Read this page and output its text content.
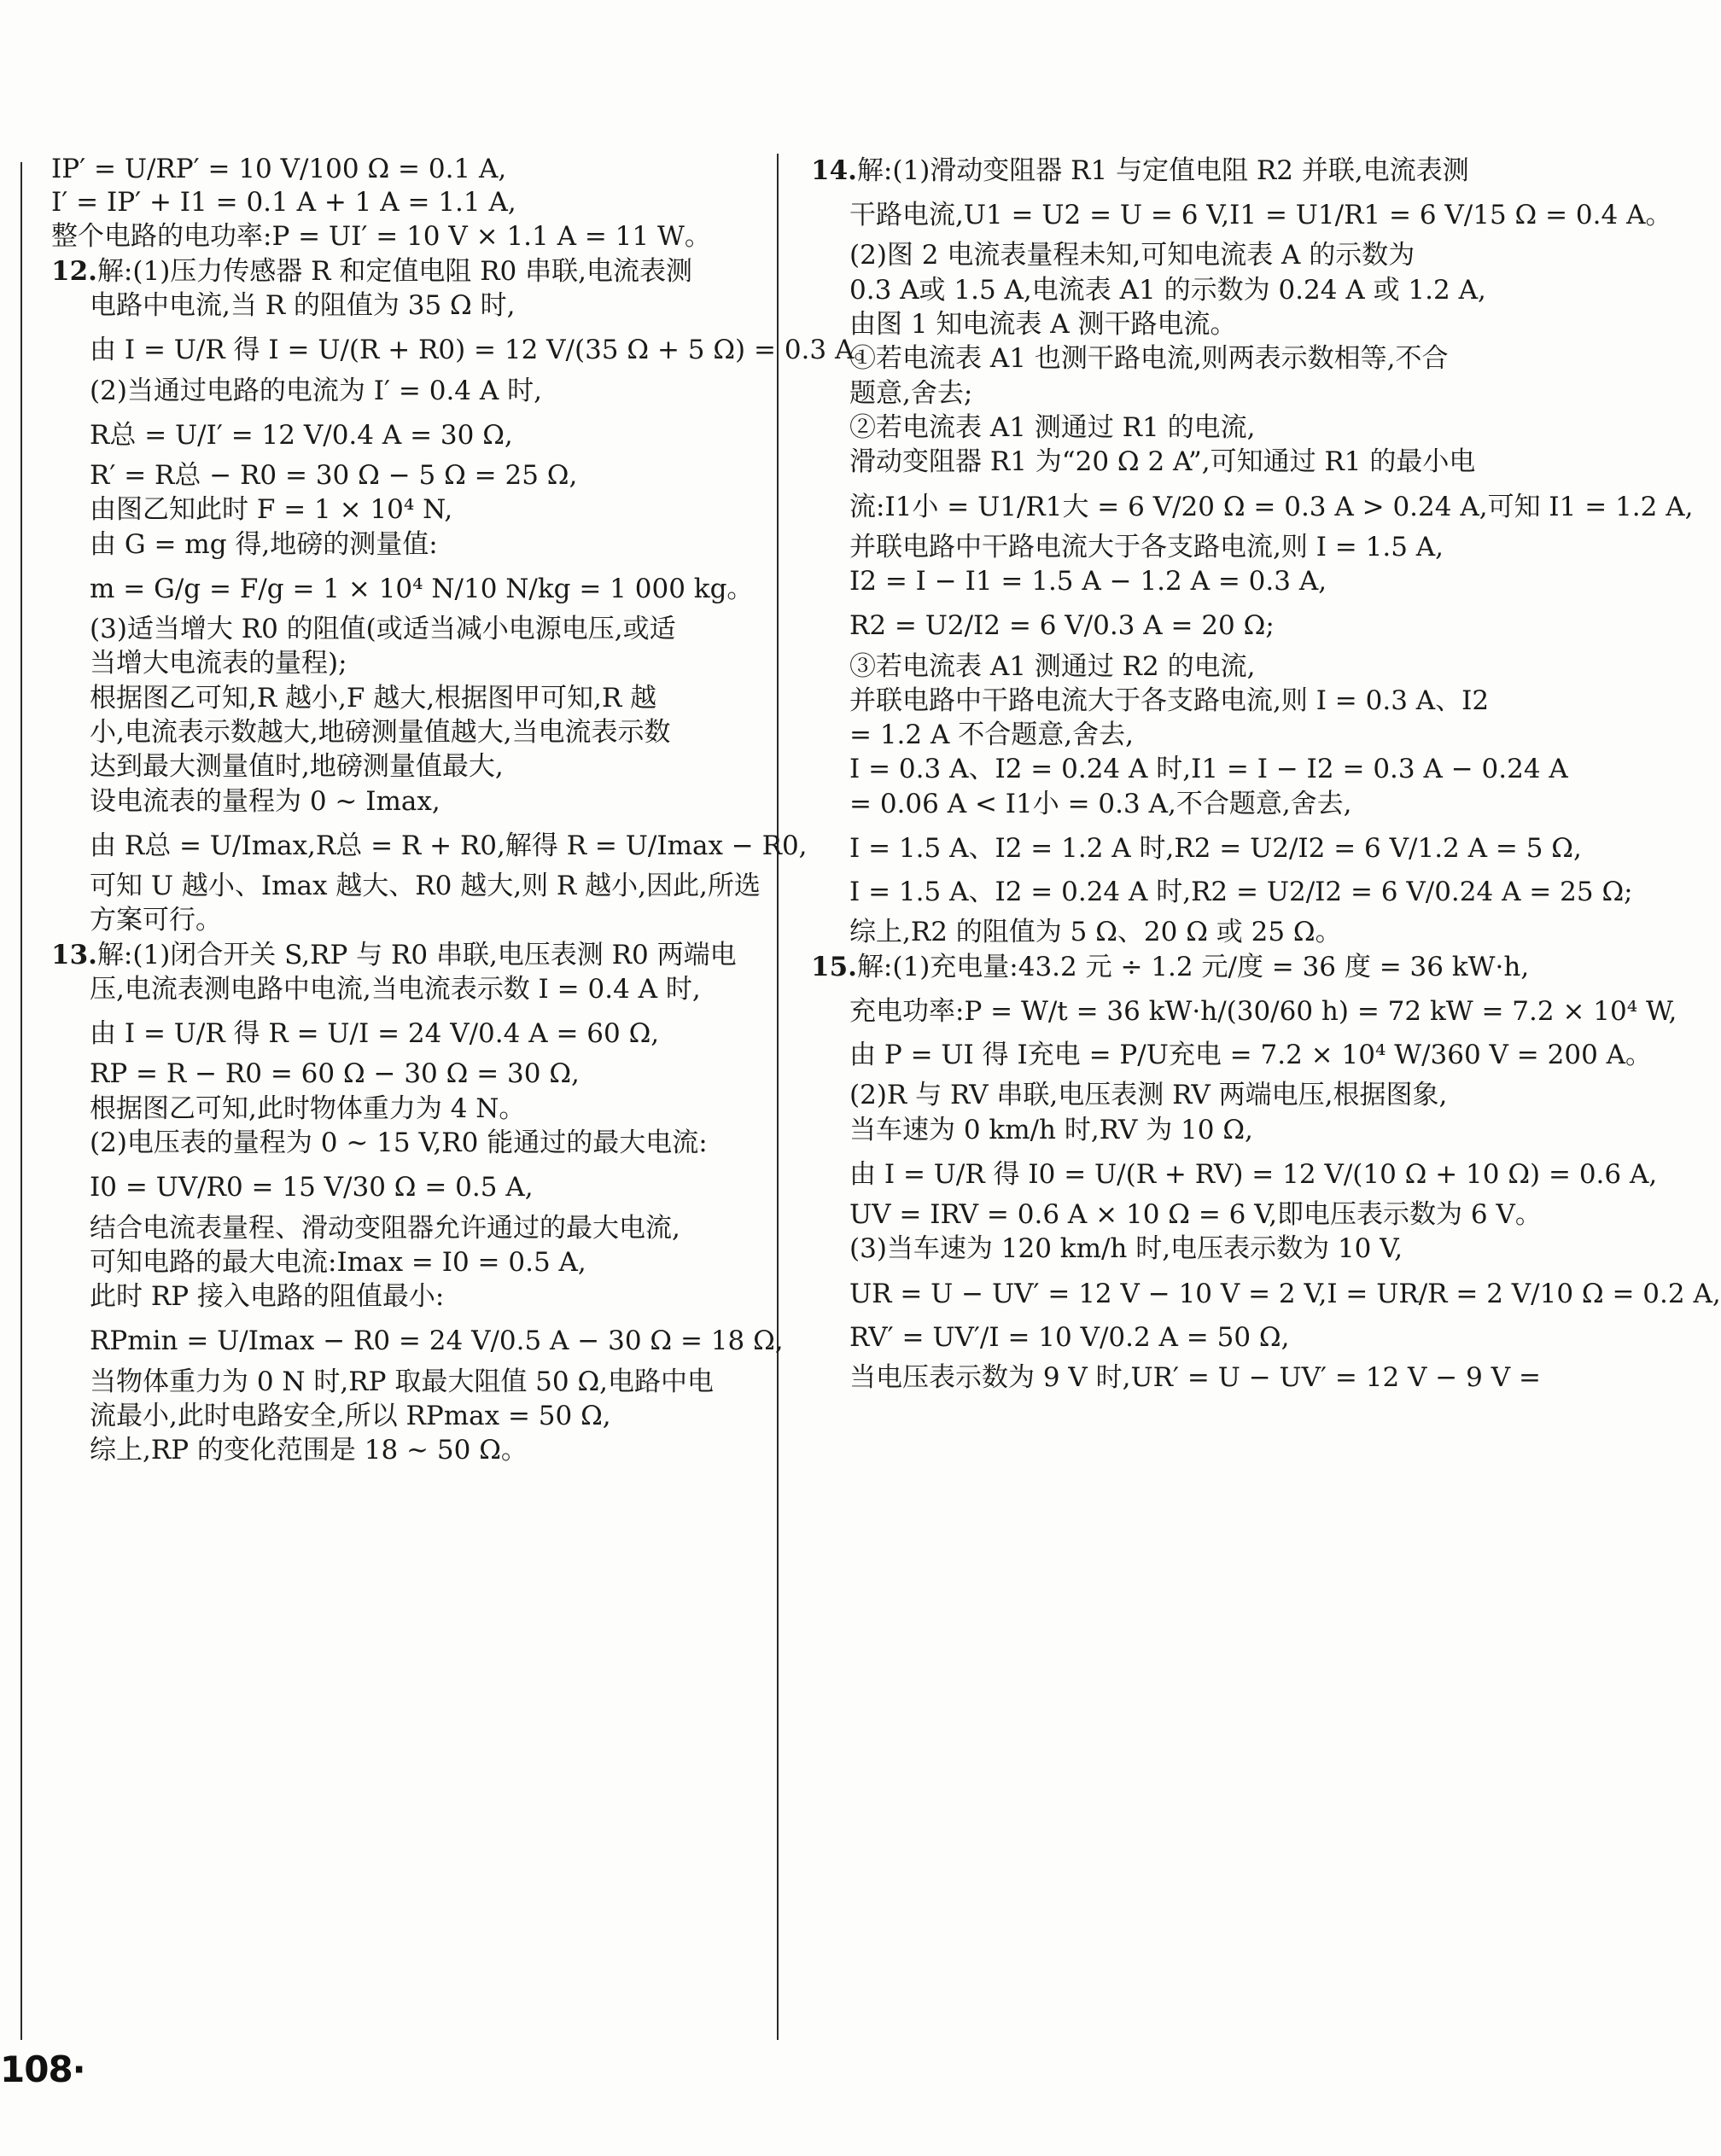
IP′ = U/RP′ = 10 V/100 Ω = 0.1 A,

I′ = IP′ + I1 = 0.1 A + 1 A = 1.1 A,

整个电路的电功率:P = UI′ = 10 V × 1.1 A = 11 W。

12.解:(1)压力传感器 R 和定值电阻 R0 串联,电流表测

电路中电流,当 R 的阻值为 35 Ω 时,

由 I = U/R 得 I = U/(R + R0) = 12 V/(35 Ω + 5 Ω) = 0.3 A。

(2)当通过电路的电流为 I′ = 0.4 A 时,

R总 = U/I′ = 12 V/0.4 A = 30 Ω,

R′ = R总 − R0 = 30 Ω − 5 Ω = 25 Ω,

由图乙知此时 F = 1 × 10⁴ N,

由 G = mg 得,地磅的测量值:

m = G/g = F/g = 1 × 10⁴ N/10 N/kg = 1 000 kg。

(3)适当增大 R0 的阻值(或适当减小电源电压,或适

当增大电流表的量程);

根据图乙可知,R 越小,F 越大,根据图甲可知,R 越

小,电流表示数越大,地磅测量值越大,当电流表示数

达到最大测量值时,地磅测量值最大,

设电流表的量程为 0 ~ Imax,

由 R总 = U/Imax,R总 = R + R0,解得 R = U/Imax − R0,

可知 U 越小、Imax 越大、R0 越大,则 R 越小,因此,所选

方案可行。

13.解:(1)闭合开关 S,RP 与 R0 串联,电压表测 R0 两端电

压,电流表测电路中电流,当电流表示数 I = 0.4 A 时,

由 I = U/R 得 R = U/I = 24 V/0.4 A = 60 Ω,

RP = R − R0 = 60 Ω − 30 Ω = 30 Ω,

根据图乙可知,此时物体重力为 4 N。

(2)电压表的量程为 0 ~ 15 V,R0 能通过的最大电流:

I0 = UV/R0 = 15 V/30 Ω = 0.5 A,

结合电流表量程、滑动变阻器允许通过的最大电流,

可知电路的最大电流:Imax = I0 = 0.5 A,

此时 RP 接入电路的阻值最小:

RPmin = U/Imax − R0 = 24 V/0.5 A − 30 Ω = 18 Ω,

当物体重力为 0 N 时,RP 取最大阻值 50 Ω,电路中电

流最小,此时电路安全,所以 RPmax = 50 Ω,

综上,RP 的变化范围是 18 ~ 50 Ω。

14.解:(1)滑动变阻器 R1 与定值电阻 R2 并联,电流表测

干路电流,U1 = U2 = U = 6 V,I1 = U1/R1 = 6 V/15 Ω = 0.4 A。

(2)图 2 电流表量程未知,可知电流表 A 的示数为

0.3 A或 1.5 A,电流表 A1 的示数为 0.24 A 或 1.2 A,

由图 1 知电流表 A 测干路电流。

①若电流表 A1 也测干路电流,则两表示数相等,不合

题意,舍去;

②若电流表 A1 测通过 R1 的电流,

滑动变阻器 R1 为“20 Ω 2 A”,可知通过 R1 的最小电

流:I1小 = U1/R1大 = 6 V/20 Ω = 0.3 A > 0.24 A,可知 I1 = 1.2 A,

并联电路中干路电流大于各支路电流,则 I = 1.5 A,

I2 = I − I1 = 1.5 A − 1.2 A = 0.3 A,

R2 = U2/I2 = 6 V/0.3 A = 20 Ω;

③若电流表 A1 测通过 R2 的电流,

并联电路中干路电流大于各支路电流,则 I = 0.3 A、I2

= 1.2 A 不合题意,舍去,

I = 0.3 A、I2 = 0.24 A 时,I1 = I − I2 = 0.3 A − 0.24 A

= 0.06 A < I1小 = 0.3 A,不合题意,舍去,

I = 1.5 A、I2 = 1.2 A 时,R2 = U2/I2 = 6 V/1.2 A = 5 Ω,

I = 1.5 A、I2 = 0.24 A 时,R2 = U2/I2 = 6 V/0.24 A = 25 Ω;

综上,R2 的阻值为 5 Ω、20 Ω 或 25 Ω。

15.解:(1)充电量:43.2 元 ÷ 1.2 元/度 = 36 度 = 36 kW·h,

充电功率:P = W/t = 36 kW·h/(30/60 h) = 72 kW = 7.2 × 10⁴ W,

由 P = UI 得 I充电 = P/U充电 = 7.2 × 10⁴ W/360 V = 200 A。

(2)R 与 RV 串联,电压表测 RV 两端电压,根据图象,

当车速为 0 km/h 时,RV 为 10 Ω,

由 I = U/R 得 I0 = U/(R + RV) = 12 V/(10 Ω + 10 Ω) = 0.6 A,

UV = IRV = 0.6 A × 10 Ω = 6 V,即电压表示数为 6 V。

(3)当车速为 120 km/h 时,电压表示数为 10 V,

UR = U − UV′ = 12 V − 10 V = 2 V,I = UR/R = 2 V/10 Ω = 0.2 A,

RV′ = UV′/I = 10 V/0.2 A = 50 Ω,

当电压表示数为 9 V 时,UR′ = U − UV′ = 12 V − 9 V =

108·
